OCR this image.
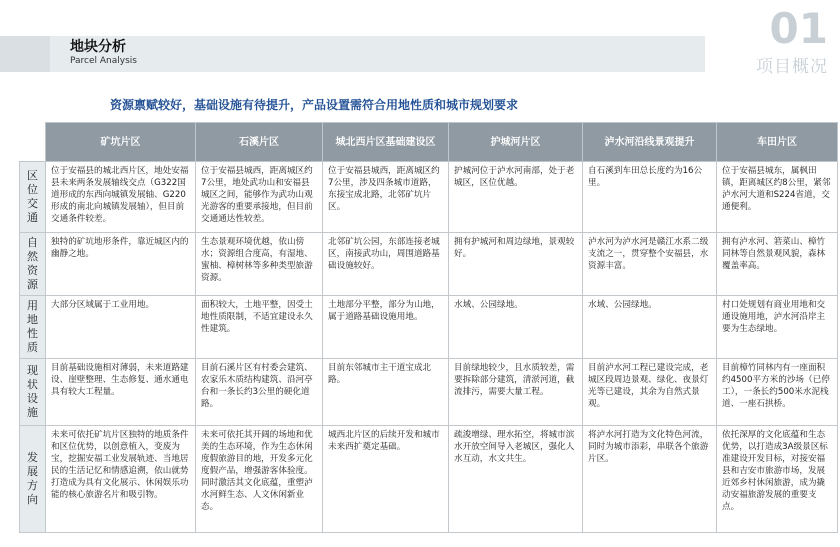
地块分析
Parcel Analysis
01
项目概况
资源禀赋较好，基础设施有待提升，产品设置需符合用地性质和城市规划要求
	矿坑片区	石溪片区	城北西片区基础建设区	护城河片区	泸水河沿线景观提升	车田片区
区位交通	位于安福县的城北西片区，地处安福县未来两条发展轴线交点（G322国道形成的东西向城镇发展轴、G220形成的南北向城镇发展轴），但目前交通条件较差。	位于安福县城西，距离城区约7公里，地处武功山和安福县城区之间，能够作为武功山观光游客的重要承接地，但目前交通通达性较差。	位于安福县城西，距离城区约7公里，涉及四条城市道路，东接宝成北路，北邻矿坑片区。	护城河位于泸水河南部，处于老城区，区位优越。	自石溪到车田总长度约为16公里。	位于安福县城东，属枫田镇，距离城区约8公里，紧邻泸水河大道和S224省道，交通便利。
自然资源	独特的矿坑地形条件，靠近城区内的幽静之地。	生态景观环境优越，依山傍水；资源组合度高，有湿地、蜜柚、樟树林等多种类型旅游资源。	北邻矿坑公园，东部连接老城区，南接武功山，周围道路基础设施较好。	拥有护城河和周边绿地，景观较好。	泸水河为泸水河是赣江水系二级支流之一，贯穿整个安福县，水资源丰富。	拥有泸水河、箬菜山、樟竹同林等自然景观风貌，森林覆盖率高。
用地性质	大部分区域属于工业用地。	面积较大，土地平整，因受土地性质限制，不适宜建设永久性建筑。	土地部分平整，部分为山地，属于道路基础设施用地。	水域、公园绿地。	水域、公园绿地。	村口处规划有商业用地和交通设施用地，泸水河沿岸主要为生态绿地。
现状设施	目前基础设施相对薄弱，未来道路建设、崖壁整理、生态修复、通水通电具有较大工程量。	目前石溪片区有村委会建筑、农家乐木质结构建筑、沿河亭台和一条长约3公里的硬化道路。	目前东邻城市主干道宝成北路。	目前绿地较少，且水质较差，需要拆除部分建筑，清淤河道，截流排污，需要大量工程。	目前泸水河工程已建设完成，老城区段周边景观、绿化、夜景灯光等已建设，其余为自然式景观。	目前樟竹同林内有一座面积约4500平方米的沙场（已停工），一条长约500米水泥栈道、一座石拱桥。
发展方向	未来可依托矿坑片区独特的地质条件和区位优势，以创意植入，变废为宝，挖掘安福工业发展轨迹、当地居民的生活记忆和情感追溯，依山就势打造成为具有文化展示、休闲娱乐功能的核心旅游名片和吸引物。	未来可依托其开阔的场地和优美的生态环境，作为生态休闲度假旅游目的地，开发多元化度假产品，增强游客体验度。同时激活其文化底蕴，重塑泸水河鲜生态、人文休闲新业态。	城西北片区的后续开发和城市未来西扩奠定基础。	疏浚增绿、理水拓空，将城市滨水开放空间导入老城区，强化人水互动，水文共生。	将泸水河打造为文化特色河流，同时为城市添彩，串联各个旅游片区。	依托深厚的文化底蕴和生态优势，以打造成3A级景区标准建设开发目标，对接安福县和吉安市旅游市场，发展近郊乡村休闲旅游，成为撬动安福旅游发展的重要支点。
